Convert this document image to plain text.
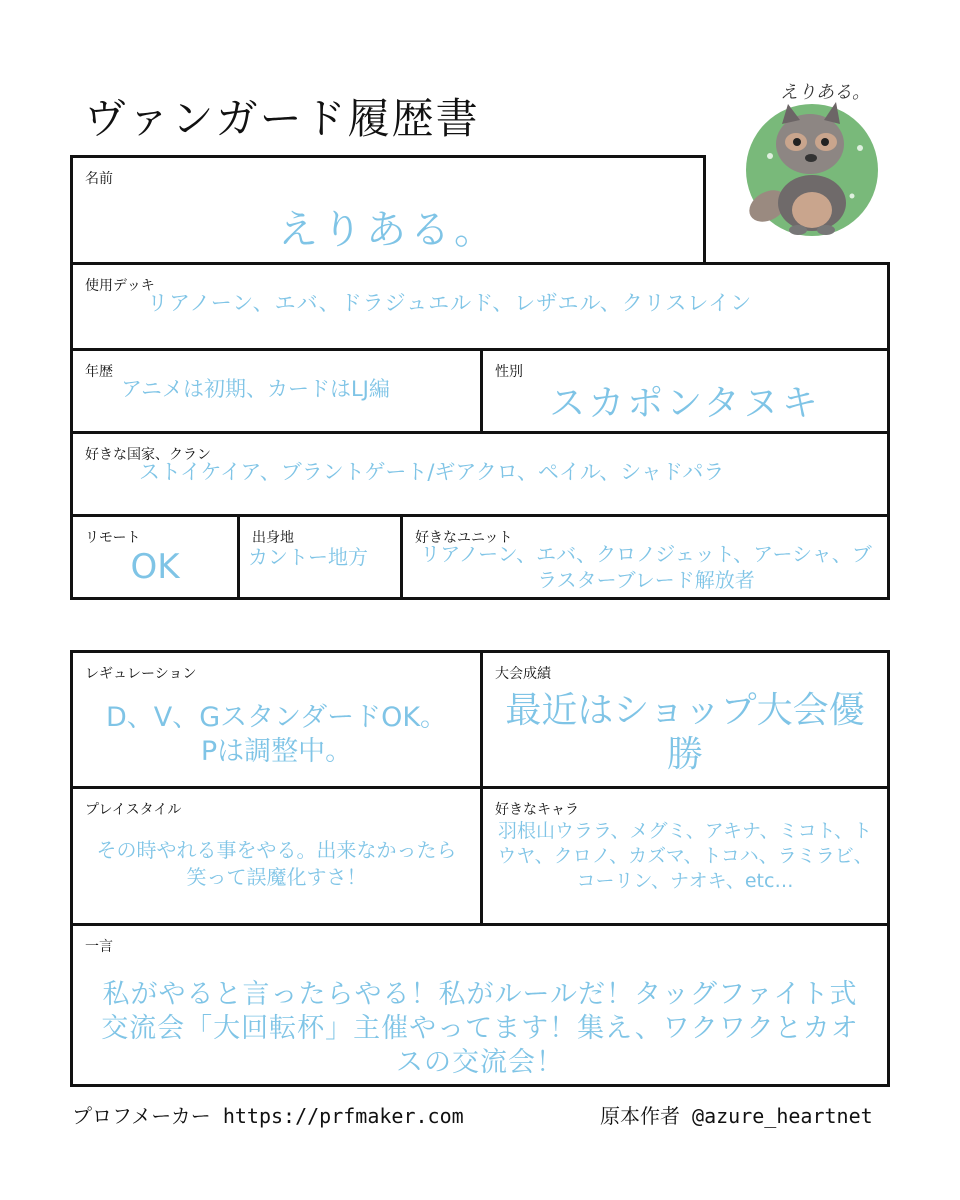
ヴァンガード履歴書
えりある。
名前
えりある。
使用デッキ
リアノーン、エバ、ドラジュエルド、レザエル、クリスレイン
年歴
アニメは初期、カードはLJ編
性別
スカポンタヌキ
好きな国家、クラン
ストイケイア、ブラントゲート/ギアクロ、ペイル、シャドパラ
リモート
OK
出身地
カントー地方
好きなユニット
リアノーン、エバ、クロノジェット、アーシャ、ブラスターブレード解放者
レギュレーション
D、V、GスタンダードOK。Pは調整中。
大会成績
最近はショップ大会優勝
プレイスタイル
その時やれる事をやる。出来なかったら笑って誤魔化すさ！
好きなキャラ
羽根山ウララ、メグミ、アキナ、ミコト、トウヤ、クロノ、カズマ、トコハ、ラミラビ、コーリン、ナオキ、etc…
一言
私がやると言ったらやる！私がルールだ！タッグファイト式交流会「大回転杯」主催やってます！集え、ワクワクとカオスの交流会！
プロフメーカー https://prfmaker.com	原本作者 @azure_heartnet
